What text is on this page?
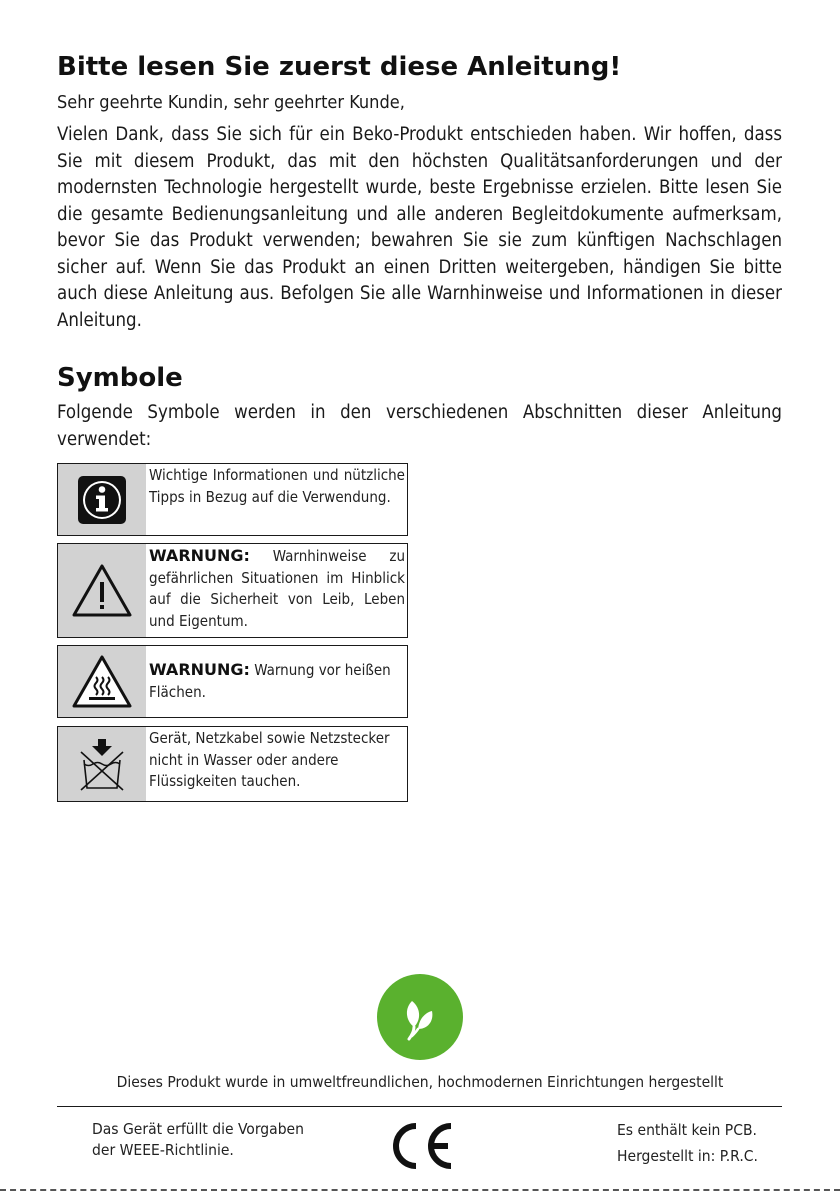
Bitte lesen Sie zuerst diese Anleitung!
Sehr geehrte Kundin, sehr geehrter Kunde,
Vielen Dank, dass Sie sich für ein Beko-Produkt entschieden haben. Wir hoffen, dass Sie mit diesem Produkt, das mit den höchsten Qualitätsanforderungen und der modernsten Technologie hergestellt wurde, beste Ergebnisse erzielen. Bitte lesen Sie die gesamte Bedienungsanleitung und alle anderen Begleitdokumente aufmerksam, bevor Sie das Produkt verwenden; bewahren Sie sie zum künftigen Nachschlagen sicher auf. Wenn Sie das Produkt an einen Dritten weitergeben, händigen Sie bitte auch diese Anleitung aus. Befolgen Sie alle Warnhinweise und Informationen in dieser Anleitung.
Symbole
Folgende Symbole werden in den verschiedenen Abschnitten dieser Anleitung verwendet:
Wichtige Informationen und nützliche Tipps in Bezug auf die Verwendung.
WARNUNG: Warnhinweise zu gefährlichen Situationen im Hinblick auf die Sicherheit von Leib, Leben und Eigentum.
WARNUNG: Warnung vor heißen Flächen.
Gerät, Netzkabel sowie Netzstecker nicht in Wasser oder andere Flüssigkeiten tauchen.
Dieses Produkt wurde in umweltfreundlichen, hochmodernen Einrichtungen hergestellt
Das Gerät erfüllt die Vorgaben
der WEEE-Richtlinie.
Es enthält kein PCB.
Hergestellt in: P.R.C.
